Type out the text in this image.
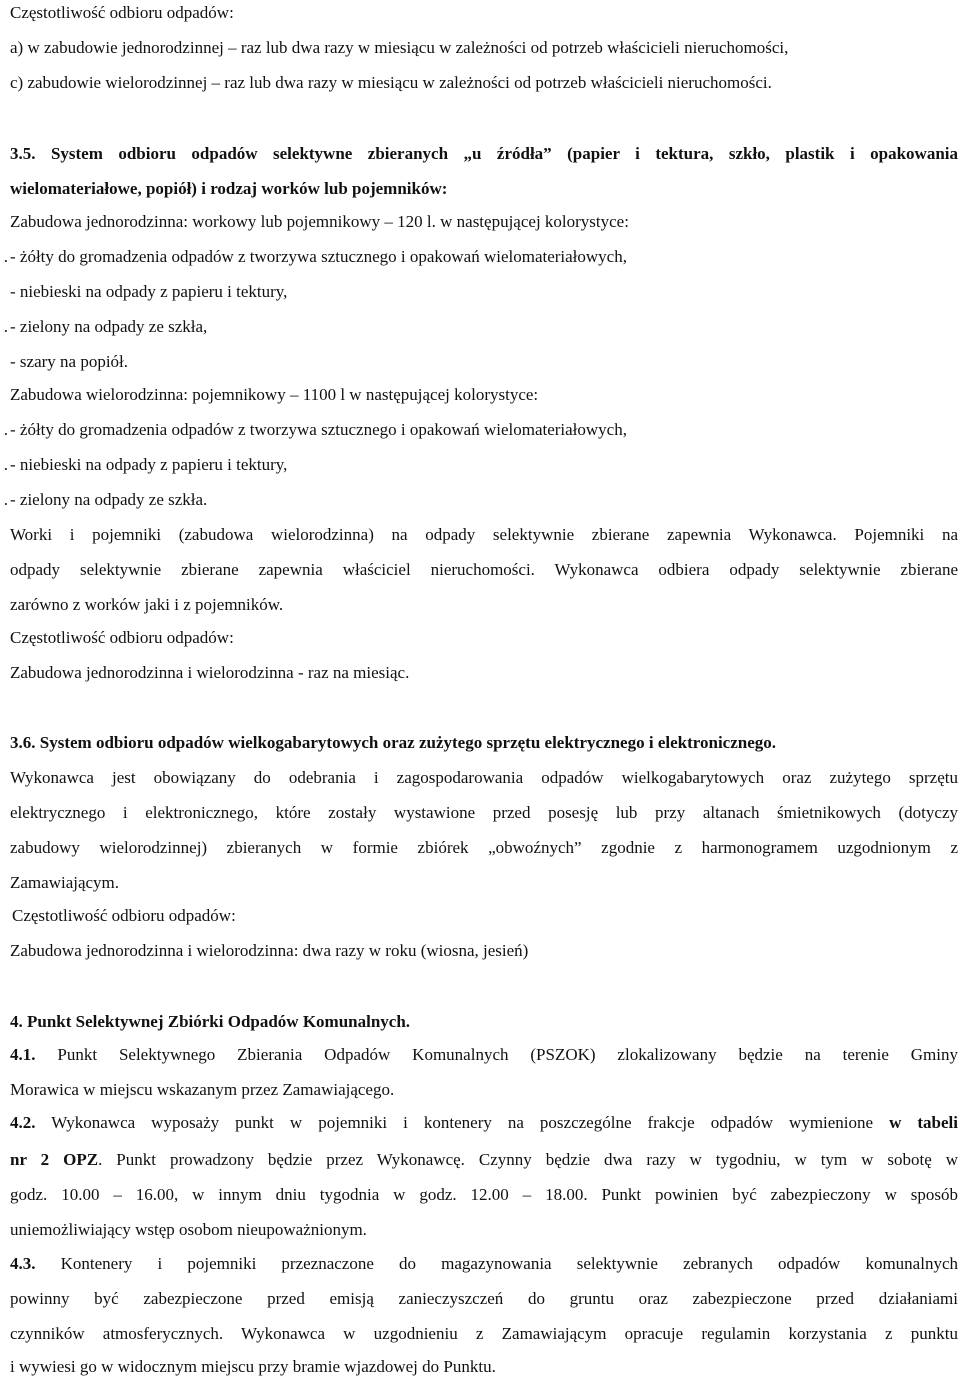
Częstotliwość odbioru odpadów:
a) w zabudowie jednorodzinnej – raz lub dwa razy w miesiącu w zależności od potrzeb właścicieli nieruchomości,
c) zabudowie wielorodzinnej – raz lub dwa razy w miesiącu w zależności od potrzeb właścicieli nieruchomości.
3.5. System odbioru odpadów selektywne zbieranych „u źródła” (papier i tektura, szkło, plastik i opakowania
wielomateriałowe, popiół) i rodzaj worków lub pojemników:
Zabudowa jednorodzinna: workowy lub pojemnikowy – 120 l. w następującej kolorystyce:
. - żółty do gromadzenia odpadów z tworzywa sztucznego i opakowań wielomateriałowych,
- niebieski na odpady z papieru i tektury,
. - zielony na odpady ze szkła,
- szary na popiół.
Zabudowa wielorodzinna: pojemnikowy – 1100 l w następującej kolorystyce:
. - żółty do gromadzenia odpadów z tworzywa sztucznego i opakowań wielomateriałowych,
. - niebieski na odpady z papieru i tektury,
. - zielony na odpady ze szkła.
Worki i pojemniki (zabudowa wielorodzinna) na odpady selektywnie zbierane zapewnia Wykonawca. Pojemniki na
odpady selektywnie zbierane zapewnia właściciel nieruchomości. Wykonawca odbiera odpady selektywnie zbierane
zarówno z worków jaki i z pojemników.
Częstotliwość odbioru odpadów:
Zabudowa jednorodzinna i wielorodzinna - raz na miesiąc.
3.6. System odbioru odpadów wielkogabarytowych oraz zużytego sprzętu elektrycznego i elektronicznego.
Wykonawca jest obowiązany do odebrania i zagospodarowania odpadów wielkogabarytowych oraz zużytego sprzętu
elektrycznego i elektronicznego, które zostały wystawione przed posesję lub przy altanach śmietnikowych (dotyczy
zabudowy wielorodzinnej) zbieranych w formie zbiórek „obwoźnych” zgodnie z harmonogramem uzgodnionym z
Zamawiającym.
Częstotliwość odbioru odpadów:
Zabudowa jednorodzinna i wielorodzinna: dwa razy w roku (wiosna, jesień)
4. Punkt Selektywnej Zbiórki Odpadów Komunalnych.
4.1. Punkt Selektywnego Zbierania Odpadów Komunalnych (PSZOK) zlokalizowany będzie na terenie Gminy
Morawica w miejscu wskazanym przez Zamawiającego.
4.2. Wykonawca wyposaży punkt w pojemniki i kontenery na poszczególne frakcje odpadów wymienione w tabeli
nr 2 OPZ. Punkt prowadzony będzie przez Wykonawcę. Czynny będzie dwa razy w tygodniu, w tym w sobotę w
godz. 10.00 – 16.00, w innym dniu tygodnia w godz. 12.00 – 18.00. Punkt powinien być zabezpieczony w sposób
uniemożliwiający wstęp osobom nieupoważnionym.
4.3. Kontenery i pojemniki przeznaczone do magazynowania selektywnie zebranych odpadów komunalnych
powinny być zabezpieczone przed emisją zanieczyszczeń do gruntu oraz zabezpieczone przed działaniami
czynników atmosferycznych. Wykonawca w uzgodnieniu z Zamawiającym opracuje regulamin korzystania z punktu
i wywiesi go w widocznym miejscu przy bramie wjazdowej do Punktu.
